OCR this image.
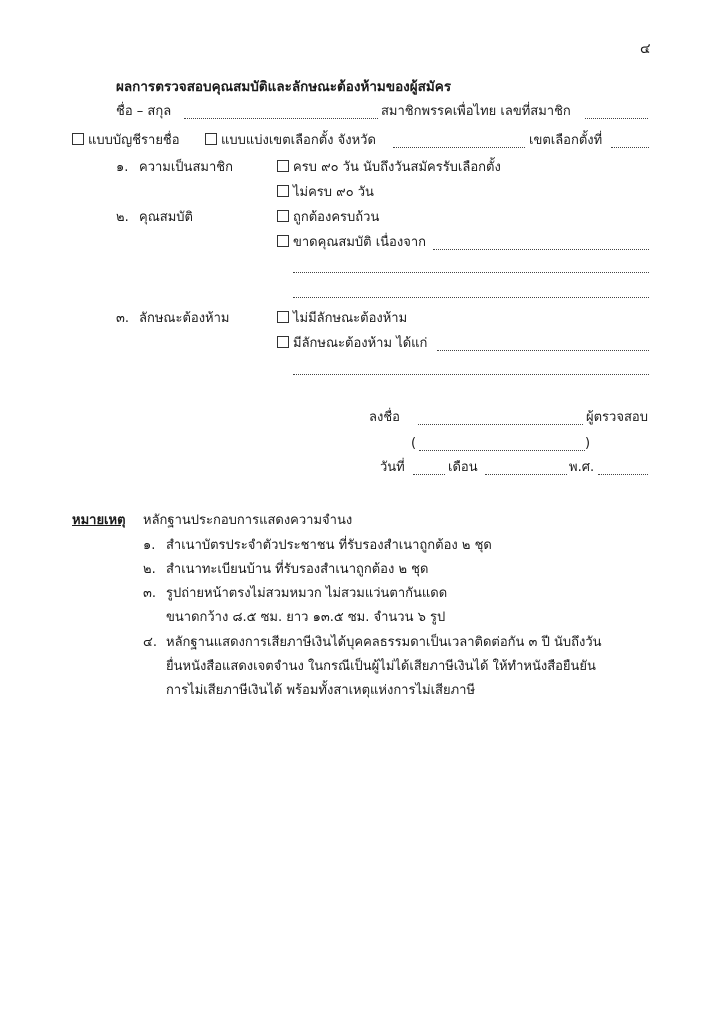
๔
ผลการตรวจสอบคุณสมบัติและลักษณะต้องห้ามของผู้สมัคร
ชื่อ – สกุล	สมาชิกพรรคเพื่อไทย เลขที่สมาชิก
แบบบัญชีรายชื่อ	แบบแบ่งเขตเลือกตั้ง จังหวัด	เขตเลือกตั้งที่
๑. ความเป็นสมาชิก	ครบ ๙๐ วัน นับถึงวันสมัครรับเลือกตั้ง
ไม่ครบ ๙๐ วัน
๒. คุณสมบัติ	ถูกต้องครบถ้วน
ขาดคุณสมบัติ เนื่องจาก
๓. ลักษณะต้องห้าม	ไม่มีลักษณะต้องห้าม
มีลักษณะต้องห้าม ได้แก่
ลงชื่อ	ผู้ตรวจสอบ
(	)
วันที่	เดือน	พ.ศ.
หมายเหตุ หลักฐานประกอบการแสดงความจำนง
๑. สำเนาบัตรประจำตัวประชาชน ที่รับรองสำเนาถูกต้อง ๒ ชุด
๒. สำเนาทะเบียนบ้าน ที่รับรองสำเนาถูกต้อง ๒ ชุด
๓. รูปถ่ายหน้าตรงไม่สวมหมวก ไม่สวมแว่นตากันแดด
ขนาดกว้าง ๘.๕ ซม. ยาว ๑๓.๕ ซม. จำนวน ๖ รูป
๔. หลักฐานแสดงการเสียภาษีเงินได้บุคคลธรรมดาเป็นเวลาติดต่อกัน ๓ ปี นับถึงวัน
ยื่นหนังสือแสดงเจตจำนง ในกรณีเป็นผู้ไม่ได้เสียภาษีเงินได้ ให้ทำหนังสือยืนยัน
การไม่เสียภาษีเงินได้ พร้อมทั้งสาเหตุแห่งการไม่เสียภาษี
